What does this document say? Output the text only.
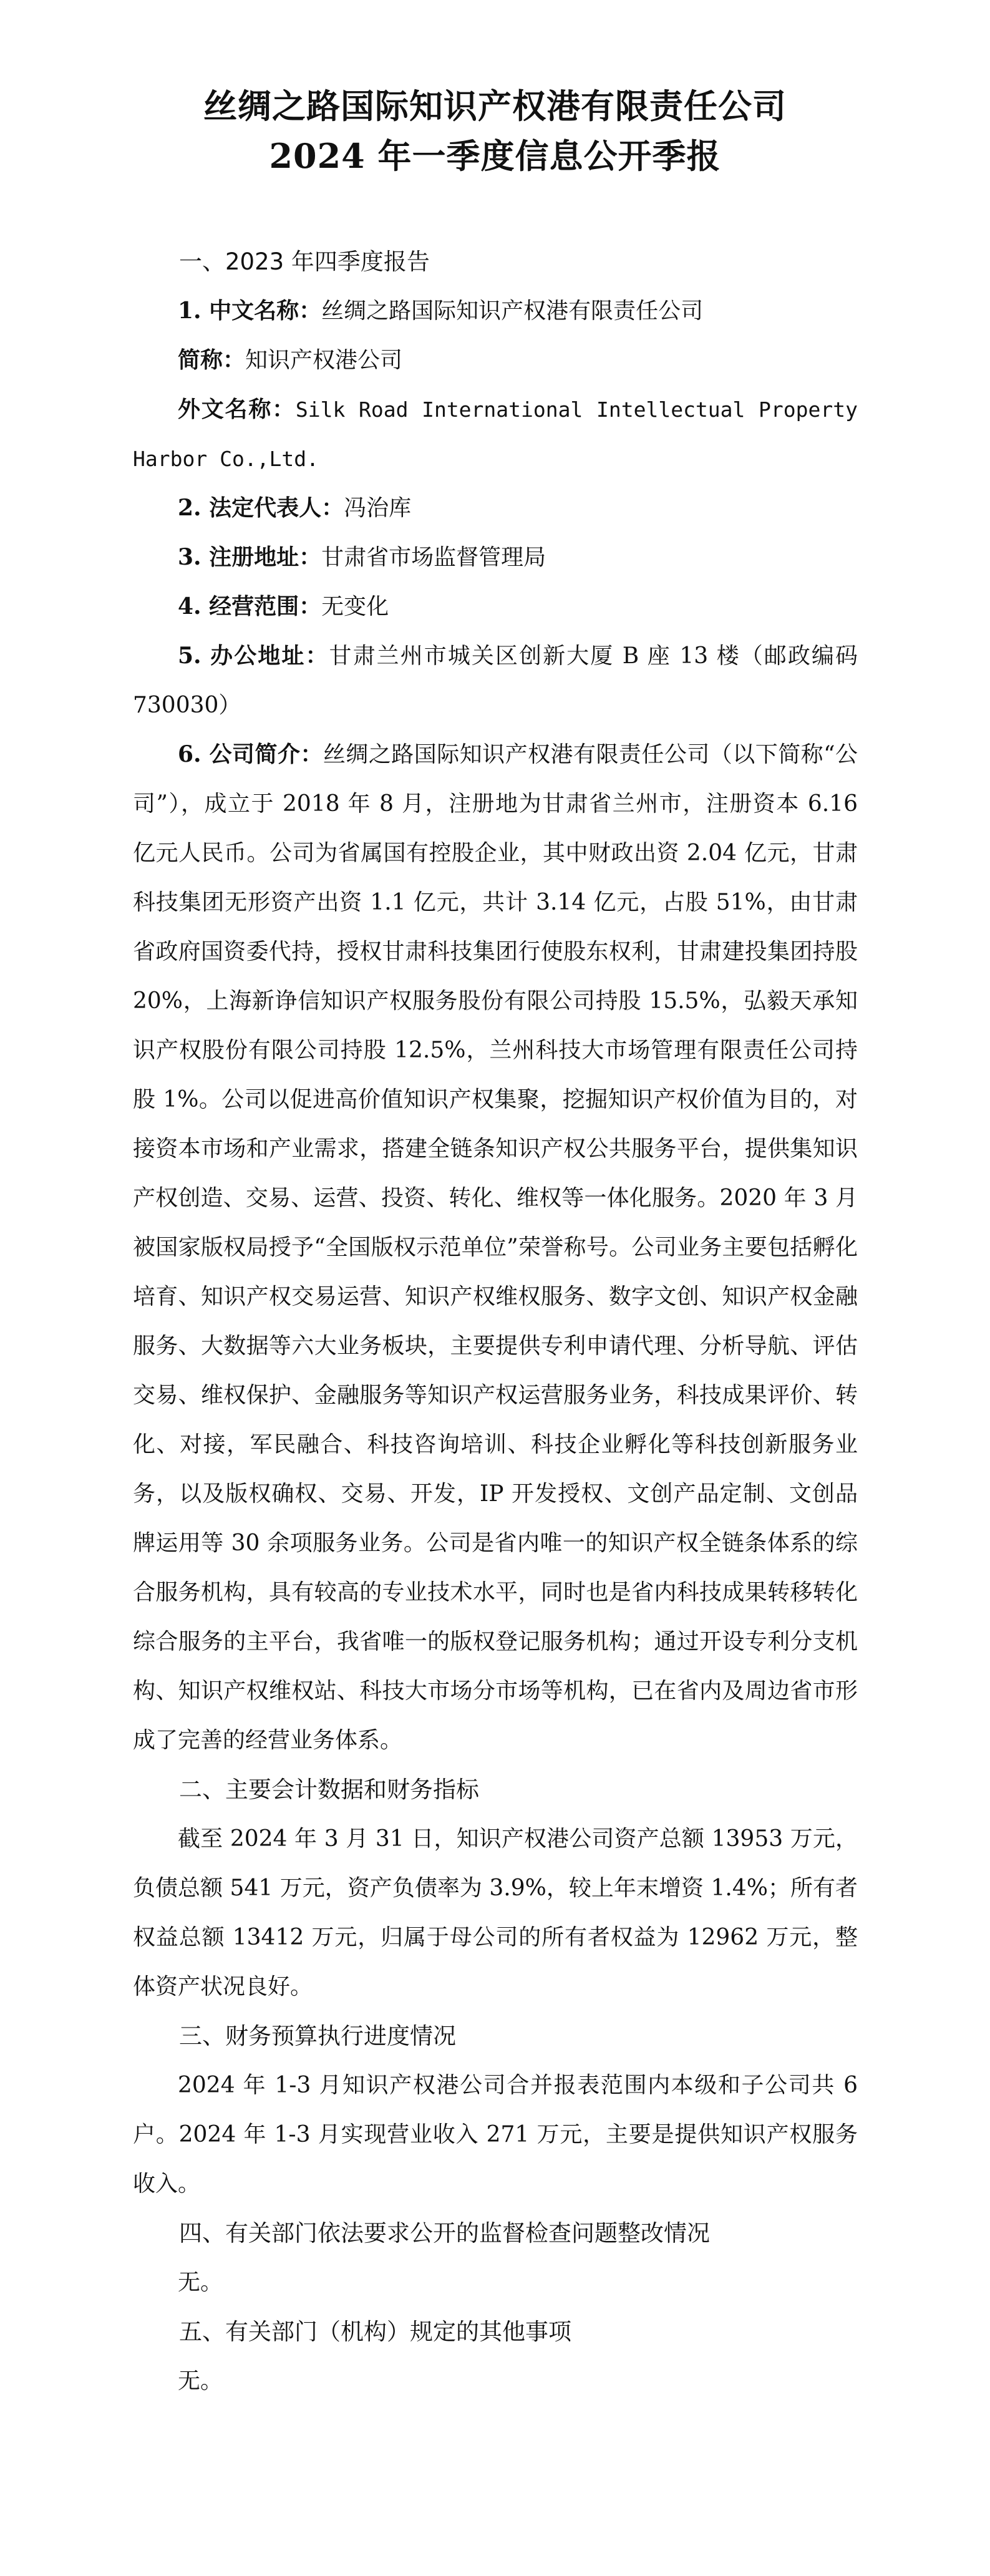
丝绸之路国际知识产权港有限责任公司
2024 年一季度信息公开季报

一、2023 年四季度报告

1. 中文名称：丝绸之路国际知识产权港有限责任公司

简称：知识产权港公司

外文名称：Silk Road International Intellectual Property Harbor Co.,Ltd.

2. 法定代表人：冯治库

3. 注册地址：甘肃省市场监督管理局

4. 经营范围：无变化

5. 办公地址：甘肃兰州市城关区创新大厦 B 座 13 楼（邮政编码 730030）

6. 公司简介：丝绸之路国际知识产权港有限责任公司（以下简称“公司”），成立于 2018 年 8 月，注册地为甘肃省兰州市，注册资本 6.16 亿元人民币。公司为省属国有控股企业，其中财政出资 2.04 亿元，甘肃科技集团无形资产出资 1.1 亿元，共计 3.14 亿元，占股 51%，由甘肃省政府国资委代持，授权甘肃科技集团行使股东权利，甘肃建投集团持股 20%，上海新诤信知识产权服务股份有限公司持股 15.5%，弘毅天承知识产权股份有限公司持股 12.5%，兰州科技大市场管理有限责任公司持股 1%。公司以促进高价值知识产权集聚，挖掘知识产权价值为目的，对接资本市场和产业需求，搭建全链条知识产权公共服务平台，提供集知识产权创造、交易、运营、投资、转化、维权等一体化服务。2020 年 3 月被国家版权局授予“全国版权示范单位”荣誉称号。公司业务主要包括孵化培育、知识产权交易运营、知识产权维权服务、数字文创、知识产权金融服务、大数据等六大业务板块，主要提供专利申请代理、分析导航、评估交易、维权保护、金融服务等知识产权运营服务业务，科技成果评价、转化、对接，军民融合、科技咨询培训、科技企业孵化等科技创新服务业务，以及版权确权、交易、开发，IP 开发授权、文创产品定制、文创品牌运用等 30 余项服务业务。公司是省内唯一的知识产权全链条体系的综合服务机构，具有较高的专业技术水平，同时也是省内科技成果转移转化综合服务的主平台，我省唯一的版权登记服务机构；通过开设专利分支机构、知识产权维权站、科技大市场分市场等机构，已在省内及周边省市形成了完善的经营业务体系。

二、主要会计数据和财务指标

截至 2024 年 3 月 31 日，知识产权港公司资产总额 13953 万元，负债总额 541 万元，资产负债率为 3.9%，较上年末增资 1.4%；所有者权益总额 13412 万元，归属于母公司的所有者权益为 12962 万元，整体资产状况良好。

三、财务预算执行进度情况

2024 年 1-3 月知识产权港公司合并报表范围内本级和子公司共 6 户。2024 年 1-3 月实现营业收入 271 万元，主要是提供知识产权服务收入。

四、有关部门依法要求公开的监督检查问题整改情况

无。

五、有关部门（机构）规定的其他事项

无。
